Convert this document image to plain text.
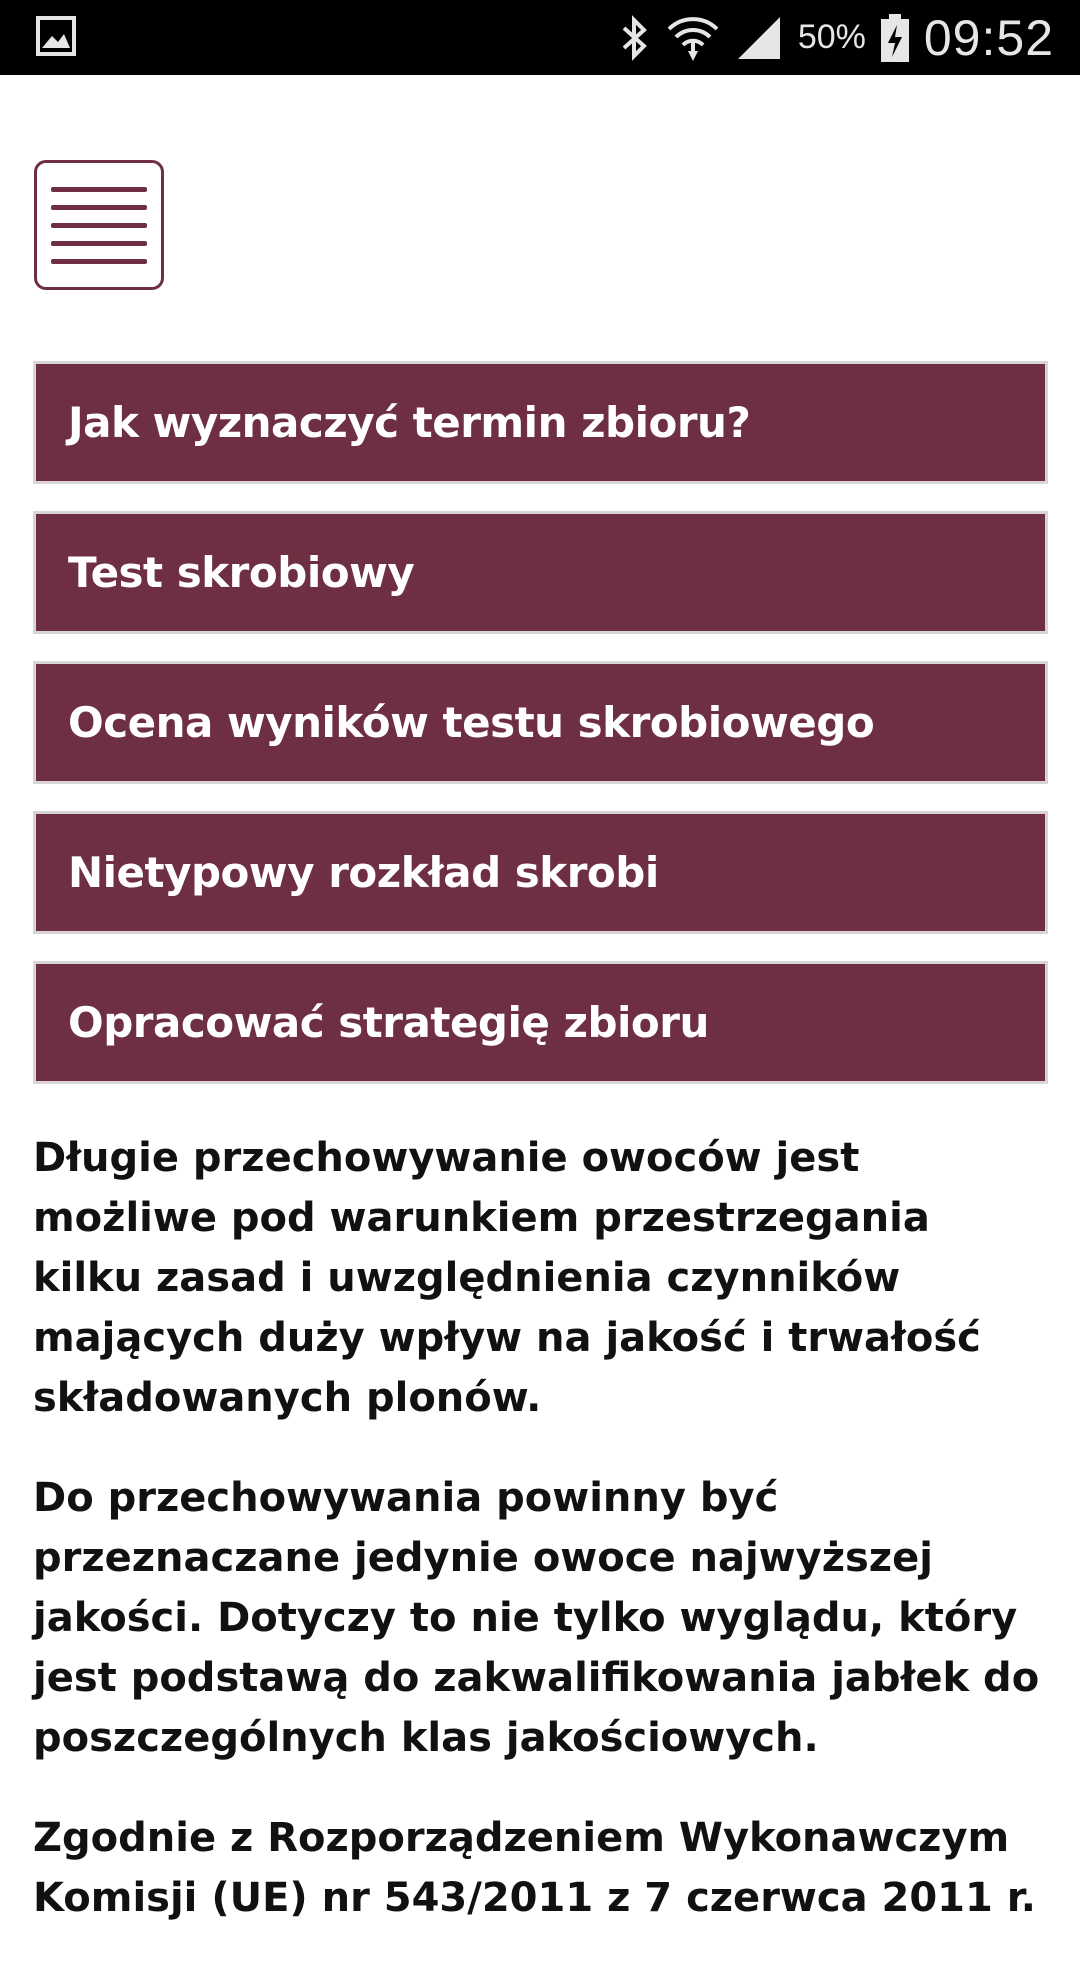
50% 09:52
Jak wyznaczyć termin zbioru?
Test skrobiowy
Ocena wyników testu skrobiowego
Nietypowy rozkład skrobi
Opracować strategię zbioru

Długie przechowywanie owoców jest możliwe pod warunkiem przestrzegania kilku zasad i uwzględnienia czynników mających duży wpływ na jakość i trwałość składowanych plonów.

Do przechowywania powinny być przeznaczane jedynie owoce najwyższej jakości. Dotyczy to nie tylko wyglądu, który jest podstawą do zakwalifikowania jabłek do poszczególnych klas jakościowych.

Zgodnie z Rozporządzeniem Wykonawczym Komisji (UE) nr 543/2011 z 7 czerwca 2011 r.
